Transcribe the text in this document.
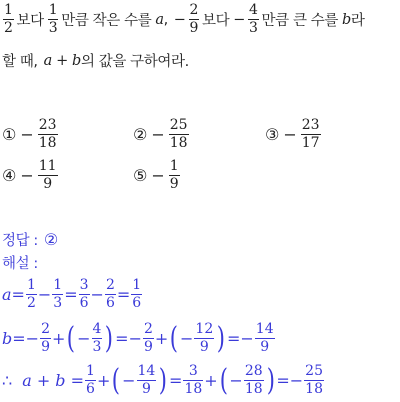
$\frac{1}{2}$ 보다 $\frac{1}{3}$ 만큼 작은 수를 a , − $\frac{2}{9}$ 보다 − $\frac{4}{3}$ 만큼 큰 수를 b 라
할 때, a + b 의 값을 구하여라.
① − $\frac{23}{18}$	② − $\frac{25}{18}$	③ − $\frac{23}{17}$
④ − $\frac{11}{9}$	⑤ − $\frac{1}{9}$
정답 : ②
해설 :
$a = \frac{1}{2} - \frac{1}{3} = \frac{3}{6} - \frac{2}{6} = \frac{1}{6}$
$b =- \frac{2}{9}$ + ( − $\frac{4}{3}$ ) =− $\frac{2}{9}$ + ( − $\frac{12}{9}$ ) =− $\frac{14}{9}$
∴ $a + b = \frac{1}{6}$ + ( − $\frac{14}{9}$ ) = $\frac{3}{18}$ + ( − $\frac{28}{18}$ ) =− $\frac{25}{18}$
